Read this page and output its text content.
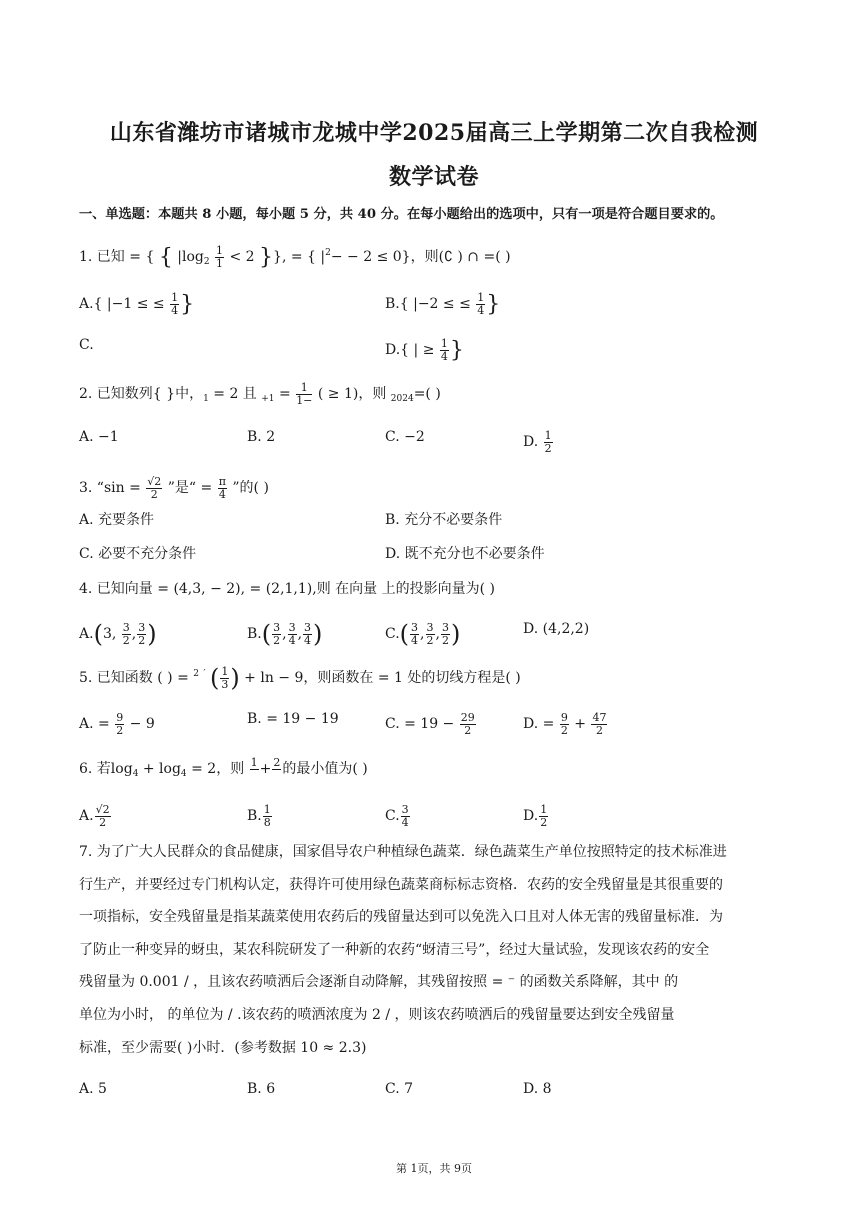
山东省潍坊市诸城市龙城中学2025届高三上学期第二次自我检测
数学试卷
一、单选题：本题共 8 小题，每小题 5 分，共 40 分。在每小题给出的选项中，只有一项是符合题目要求的。
1. 已知 = { { $|\log_2 \frac{1}{1} < 2$ }}, = { $|^2- - 2 \le 0$}，则(∁ ) ∩ =( )
A.{ |−1 ≤ ≤ $\frac{1}{4}$ }	B.{ |−2 ≤ ≤ $\frac{1}{4}$ }
C.	D.{ | ≥ $\frac{1}{4}$ }
2. 已知数列{ }中，$_1$ = 2 且 $_{+1} = \frac{1}{1-}$ ( ≥ 1)，则 $_{2024}$=( )
A. −1	B. 2	C. −2	D. $\frac{1}{2}$
3. “$\sin = \frac{√2}{2}$ ”是“ = $\frac{\pi}{4}$ ”的( )
A. 充要条件	B. 充分不必要条件
C. 必要不充分条件	D. 既不充分也不必要条件
4. 已知向量 = (4,3, − 2), = (2,1,1),则 在向量 上的投影向量为( )
A.(3, $\frac{3}{2}$ , $\frac{3}{2}$ )	$B.( \frac{3}{2}$ , $\frac{3}{4}$ , $\frac{3}{4}$ )	$C.( \frac{3}{4}$ , $\frac{3}{2}$ , $\frac{3}{2}$ )	D. (4,2,2)
5. 已知函数 ( ) = $^2$ ′ ( $\frac{1}{3}$ ) + ln − 9，则函数在 = 1 处的切线方程是( )
A. = $\frac{9}{2} - 9$	B. = 19 − 19	C. = $19 - \frac{29}{2}$	D. = $\frac{9}{2} + \frac{47}{2}$
6. 若$\log_4 + \log_4 = 2$，则 1
+ 2
的最小值为( )
A. $\frac{√2}{2}$	B. $\frac{1}{8}$	C. $\frac{3}{4}$	D. $\frac{1}{2}$
7. 为了广大人民群众的食品健康，国家倡导农户种植绿色蔬菜．绿色蔬菜生产单位按照特定的技术标准进
行生产，并要经过专门机构认定，获得许可使用绿色蔬菜商标标志资格．农药的安全残留量是其很重要的
一项指标，安全残留量是指某蔬菜使用农药后的残留量达到可以免洗入口且对人体无害的残留量标准．为
了防止一种变异的蚜虫，某农科院研发了一种新的农药“蚜清三号”，经过大量试验，发现该农药的安全
残留量为 0.001 / ，且该农药喷洒后会逐渐自动降解，其残留按照 = ⁻ 的函数关系降解，其中 的
单位为小时， 的单位为 / .该农药的喷洒浓度为 2 / ，则该农药喷洒后的残留量要达到安全残留量
标准，至少需要( )小时．(参考数据 10 ≈ 2.3)
A. 5	B. 6	C. 7	D. 8
第 1页，共 9页
